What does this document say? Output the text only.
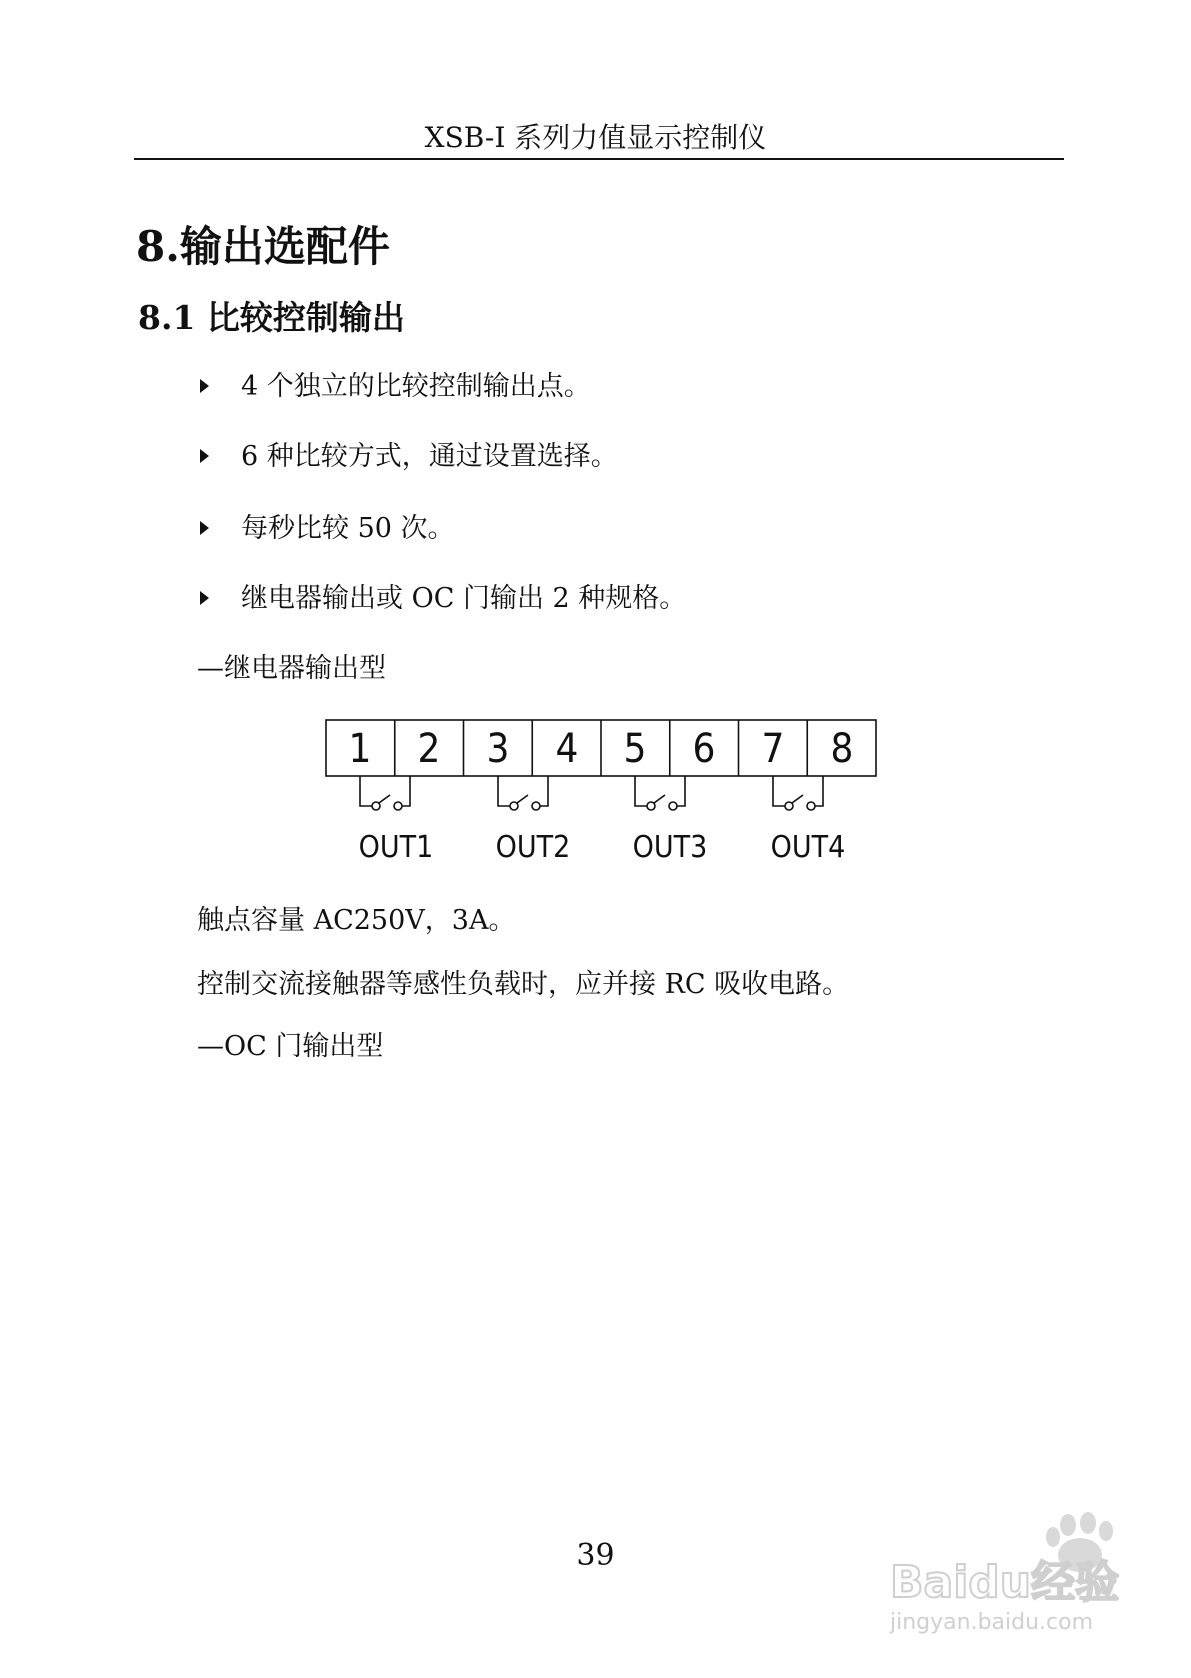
XSB-I 系列力值显示控制仪
8.输出选配件
8.1 比较控制输出
4 个独立的比较控制输出点。
6 种比较方式，通过设置选择。
每秒比较 50 次。
继电器输出或 OC 门输出 2 种规格。
—继电器输出型
1 2 3 4 5 6 7 8
OUT1 OUT2 OUT3 OUT4
触点容量 AC250V，3A。
控制交流接触器等感性负载时，应并接 RC 吸收电路。
—OC 门输出型
39
Baidu经验
jingyan.baidu.com
